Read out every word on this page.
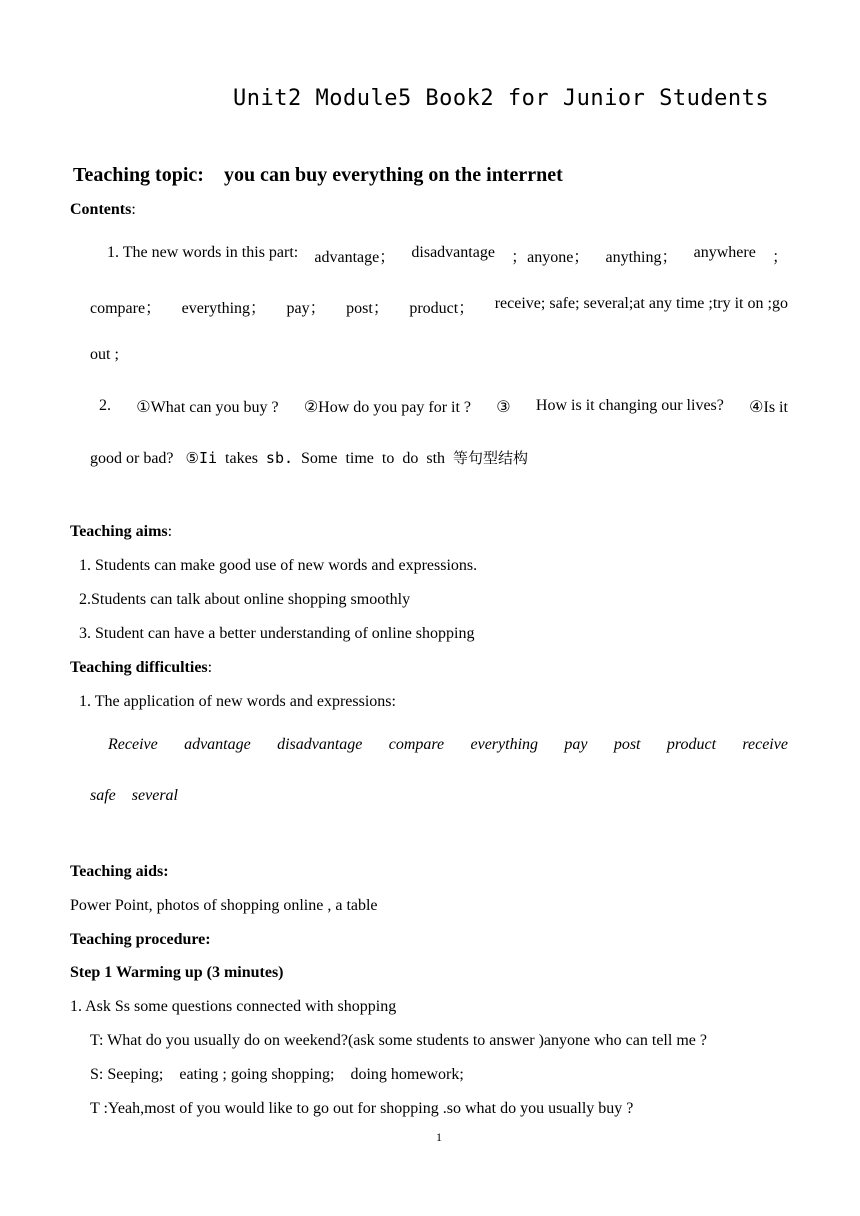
Unit2 Module5 Book2 for Junior Students
Teaching topic: you can buy everything on the interrnet
Contents:
1. The new words in this part: advantage； disadvantage ；anyone； anything； anywhere ；
compare； everything； pay； post； product； receive; safe; several;at any time ;try it on ;go
out ;
2. ①What can you buy ? ②How do you pay for it ? ③ How is it changing our lives? ④Is it
good or bad? ⑤Ii takes sb. Some time to do sth 等句型结构
Teaching aims:
1. Students can make good use of new words and expressions.
2.Students can talk about online shopping smoothly
3. Student can have a better understanding of online shopping
Teaching difficulties:
1. The application of new words and expressions:
Receive advantage disadvantage compare everything pay post product receive
safe several
Teaching aids:
Power Point, photos of shopping online , a table
Teaching procedure:
Step 1 Warming up (3 minutes)
1. Ask Ss some questions connected with shopping
T: What do you usually do on weekend?(ask some students to answer )anyone who can tell me ?
S: Seeping;    eating ; going shopping;    doing homework;
T :Yeah,most of you would like to go out for shopping .so what do you usually buy ?
1
